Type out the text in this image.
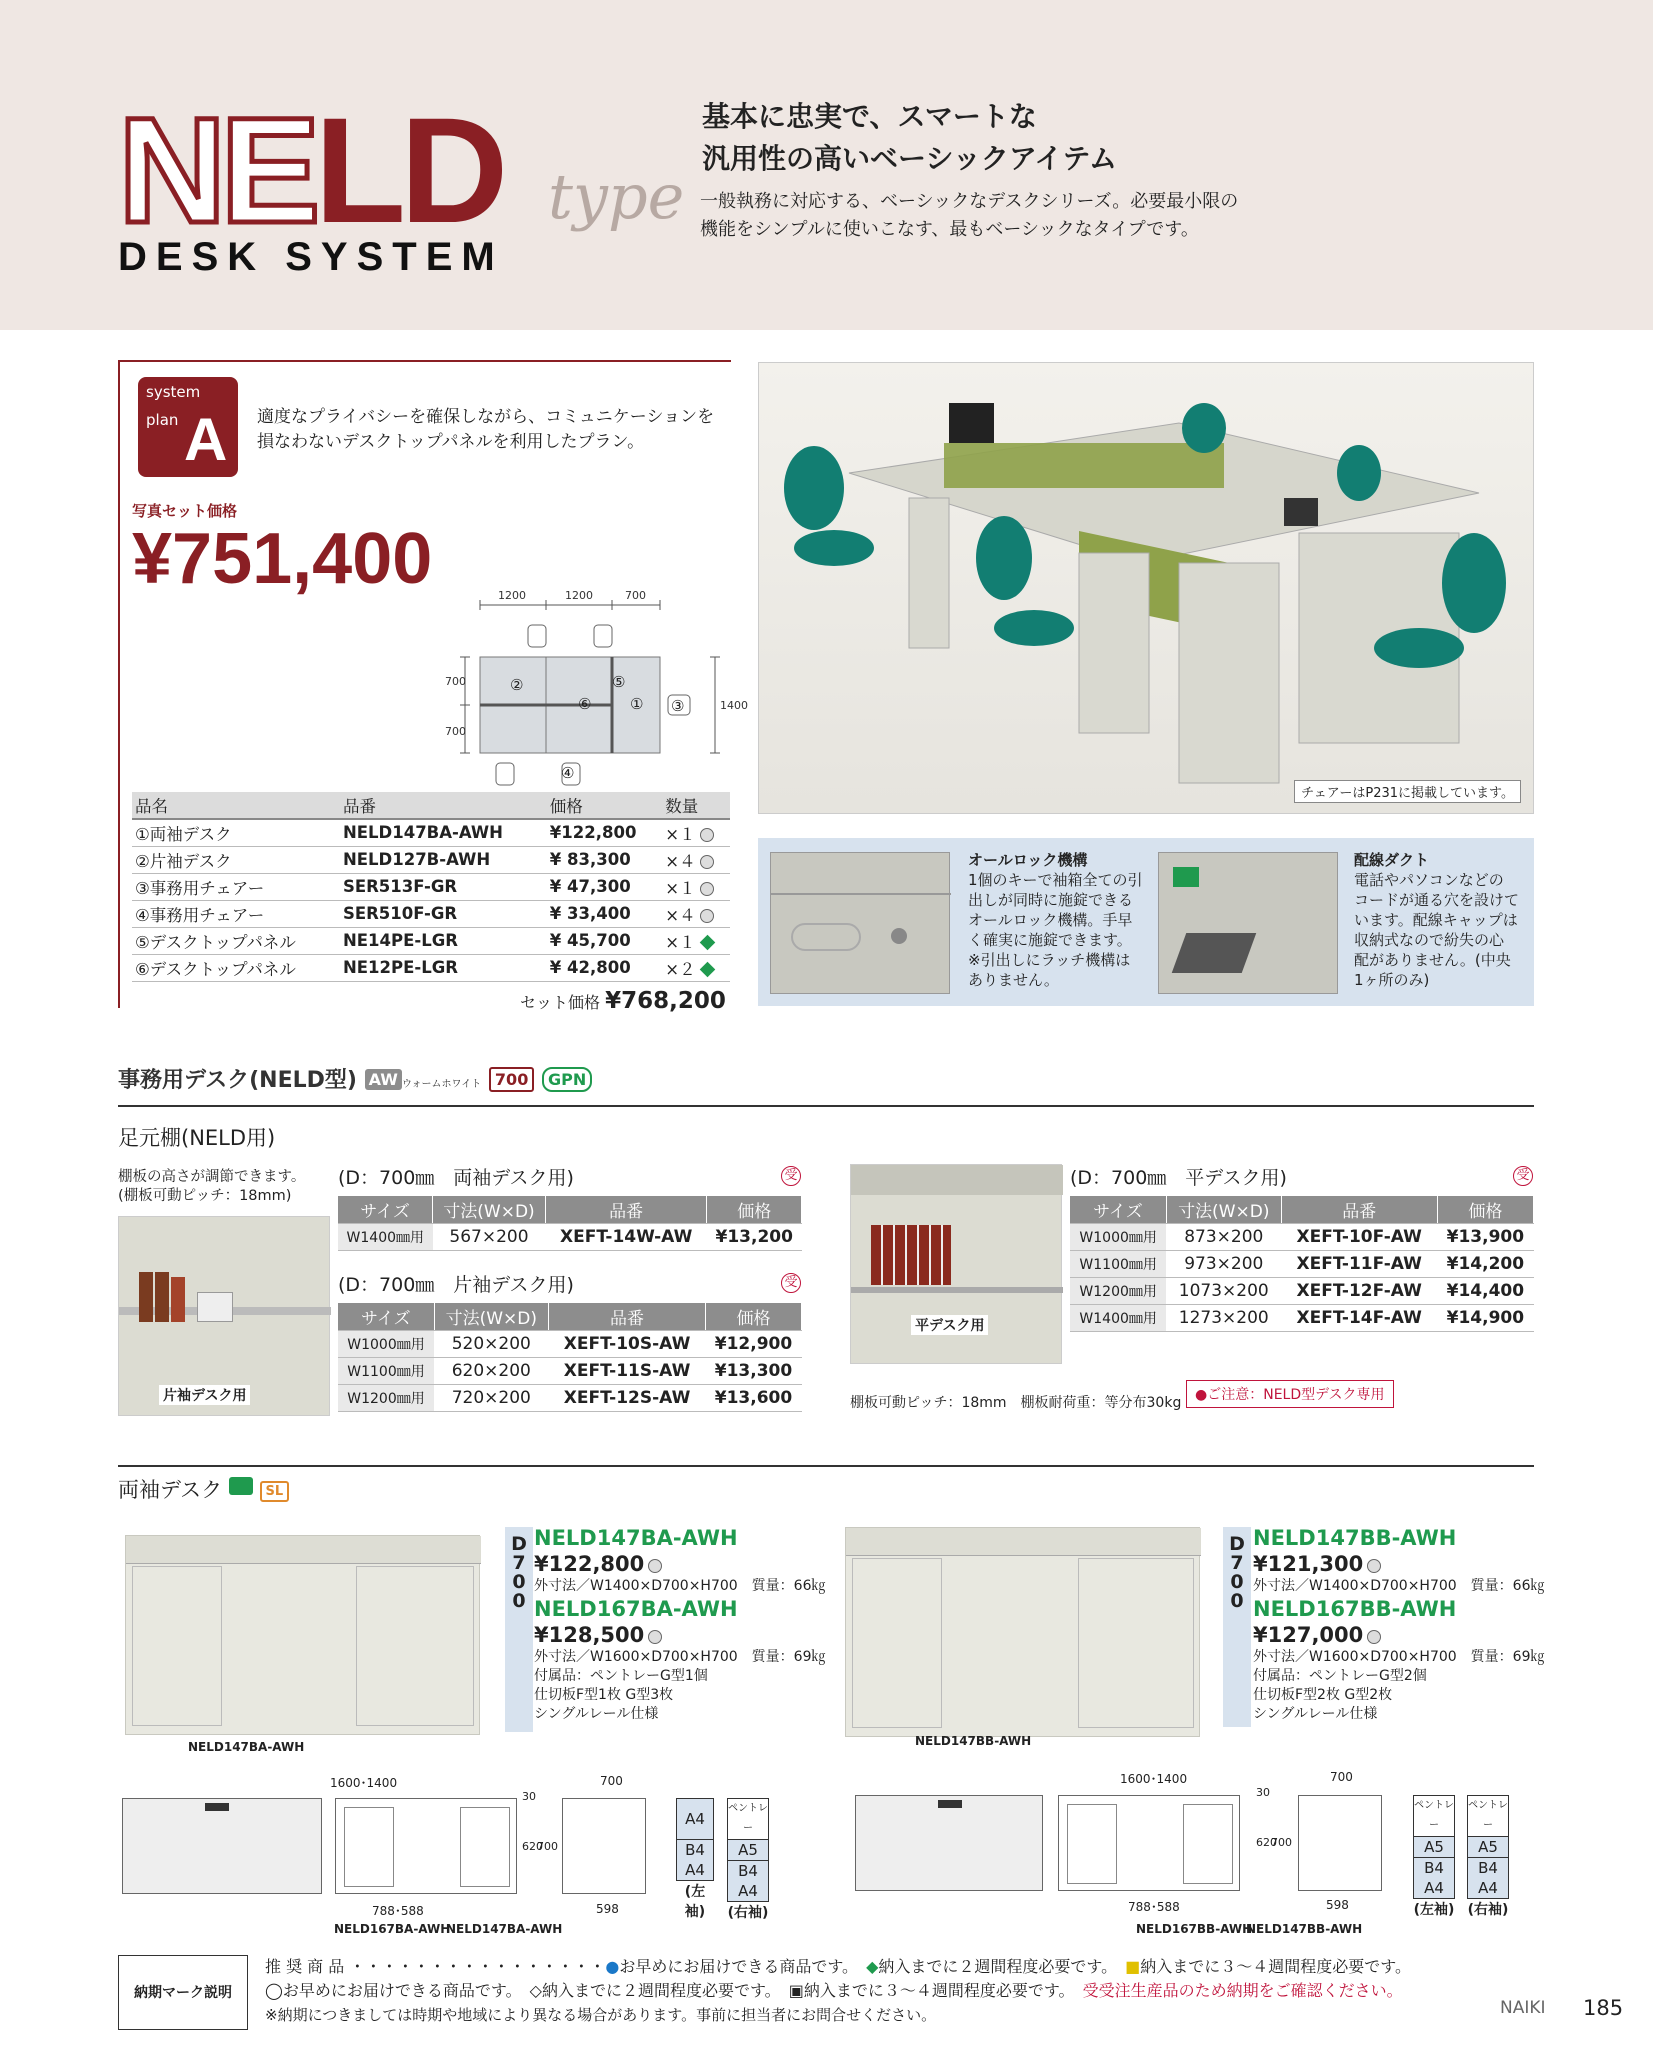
NELD type
DESK SYSTEM
基本に忠実で、スマートな
汎用性の高いベーシックアイテム
一般執務に対応する、ベーシックなデスクシリーズ。必要最小限の
機能をシンプルに使いこなす、最もベーシックなタイプです。
system
plan A 適度なプライバシーを確保しながら、コミュニケーションを
損なわないデスクトップパネルを利用したプラン。
写真セット価格
¥751,400	1200	1200	700
700
700
1400
②
⑥
⑤
① ③
④
品名	品番	価格	数量
①両袖デスク	NELD147BA-AWH	¥122,800	×１
②片袖デスク	NELD127B-AWH	¥ 83,300	×４
③事務用チェアー	SER513F-GR	¥ 47,300	×１
④事務用チェアー	SER510F-GR	¥ 33,400	×４
⑤デスクトップパネル	NE14PE-LGR	¥ 45,700	×１
⑥デスクトップパネル	NE12PE-LGR	¥ 42,800	×２
セット価格 ¥768,200
チェアーはP231に掲載しています。
オールロック機構
1個のキーで袖箱全ての引
出しが同時に施錠できる
オールロック機構。手早
く確実に施錠できます。
※引出しにラッチ機構は
ありません。
配線ダクト
電話やパソコンなどの
コードが通る穴を設けて
います。配線キャップは
収納式なので紛失の心
配がありません。(中央
1ヶ所のみ)
事務用デスク(NELD型) AW ウォームホワイト 700 GPN
足元棚(NELD用)
棚板の高さが調節できます。
(棚板可動ピッチ：18mm)
片袖デスク用
(D：700㎜　両袖デスク用)	受
サイズ	寸法(W×D)	品番	価格
W1400㎜用	567×200	XEFT-14W-AW	¥13,200
(D：700㎜　片袖デスク用)	受
サイズ	寸法(W×D)	品番	価格
W1000㎜用	520×200	XEFT-10S-AW	¥12,900
W1100㎜用	620×200	XEFT-11S-AW	¥13,300
W1200㎜用	720×200	XEFT-12S-AW	¥13,600
平デスク用
(D：700㎜　平デスク用)	受
サイズ	寸法(W×D)	品番	価格
W1000㎜用	873×200	XEFT-10F-AW	¥13,900
W1100㎜用	973×200	XEFT-11F-AW	¥14,200
W1200㎜用	1073×200	XEFT-12F-AW	¥14,400
W1400㎜用	1273×200	XEFT-14F-AW	¥14,900
棚板可動ピッチ：18mm　棚板耐荷重：等分布30kg ●ご注意：NELD型デスク専用
両袖デスク	SL
NELD147BA-AWH
D
7
0
0
NELD147BA-AWH
¥122,800
外寸法／W1400×D700×H700　質量：66㎏
NELD167BA-AWH
¥128,500
外寸法／W1600×D700×H700　質量：69㎏
付属品：ペントレーG型1個
仕切板F型1枚 G型3枚
シングルレール仕様
1600･1400
30
620
700
788･588
700
598
NELD167BA-AWH
NELD147BA-AWH
A4
B4
A4
(左袖)
ペントレー A5
B4
A4
(右袖)
NELD147BB-AWH
D
7
0
0
NELD147BB-AWH
¥121,300
外寸法／W1400×D700×H700　質量：66㎏
NELD167BB-AWH
¥127,000
外寸法／W1600×D700×H700　質量：69㎏
付属品：ペントレーG型2個
仕切板F型2枚 G型2枚
シングルレール仕様
1600･1400
30
620
700
788･588
700
598
NELD167BB-AWH
NELD147BB-AWH
ペントレー A5
B4
A4
(左袖)
ペントレー A5
B4
A4
(右袖)
納期マーク説明
推 奨 商 品 ・・・・・・・・・・・・・・・・●お早めにお届けできる商品です。　 ◆納入までに２週間程度必要です。　 ■納入までに３～４週間程度必要です。
◯お早めにお届けできる商品です。　 ◇納入までに２週間程度必要です。　 ▣納入までに３～４週間程度必要です。　 受受注生産品のため納期をご確認ください。
※納期につきましては時期や地域により異なる場合があります。事前に担当者にお問合せください。	NAIKI 185
